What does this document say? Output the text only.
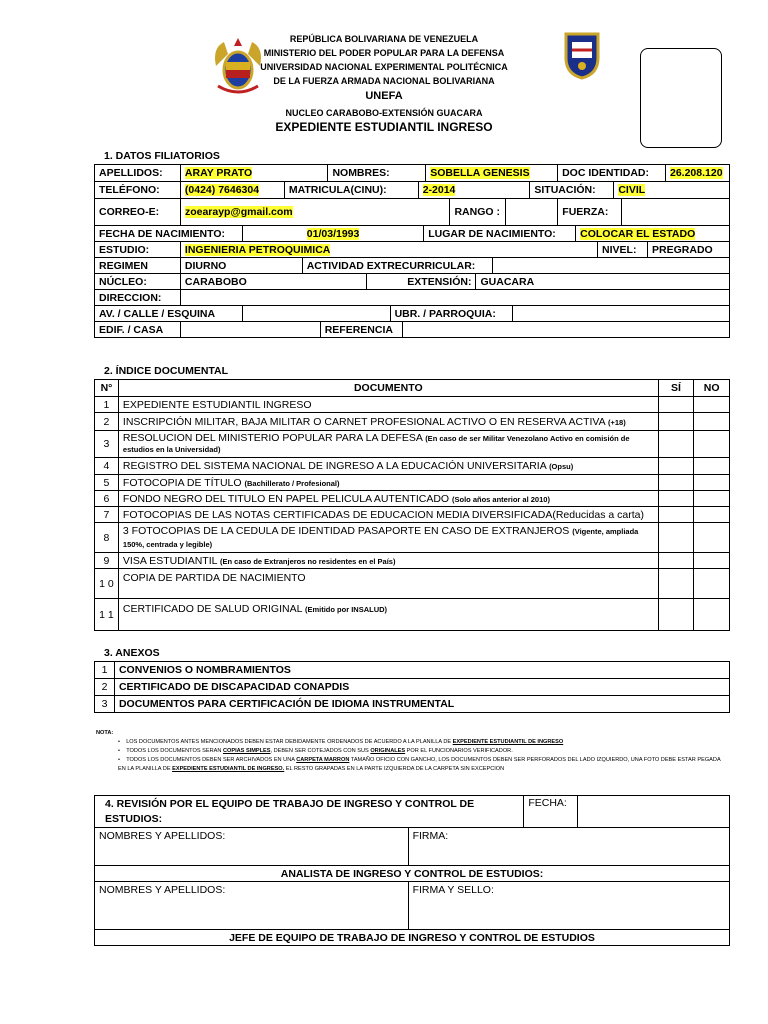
REPÚBLICA BOLIVARIANA DE VENEZUELA
MINISTERIO DEL PODER POPULAR PARA LA DEFENSA
UNIVERSIDAD NACIONAL EXPERIMENTAL POLITÉCNICA
DE LA FUERZA ARMADA NACIONAL BOLIVARIANA
UNEFA
NUCLEO CARABOBO-EXTENSIÓN GUACARA
EXPEDIENTE ESTUDIANTIL INGRESO
1. DATOS FILIATORIOS
APELLIDOS:	ARAY PRATO	NOMBRES:	SOBELLA GENESIS	DOC IDENTIDAD:	26.208.120
TELÉFONO:	(0424) 7646304	MATRICULA(CINU):	2-2014	SITUACIÓN:	CIVIL
CORREO-E:	zoearayp@gmail.com	RANGO :		FUERZA:	
FECHA DE NACIMIENTO:	01/03/1993	LUGAR DE NACIMIENTO:	COLOCAR EL ESTADO
ESTUDIO:	INGENIERIA PETROQUIMICA	NIVEL:	PREGRADO
REGIMEN	DIURNO	ACTIVIDAD EXTRECURRICULAR:	
NÚCLEO:	CARABOBO	EXTENSIÓN:	GUACARA
DIRECCION:	
AV. / CALLE / ESQUINA		UBR. / PARROQUIA:	
EDIF. / CASA		REFERENCIA	
2. ÍNDICE DOCUMENTAL
N°	DOCUMENTO	SÍ	NO
1	EXPEDIENTE ESTUDIANTIL INGRESO		
2	INSCRIPCIÓN MILITAR, BAJA MILITAR O CARNET PROFESIONAL ACTIVO O EN RESERVA ACTIVA (+18)		
3	RESOLUCION DEL MINISTERIO POPULAR PARA LA DEFESA (En caso de ser Militar Venezolano Activo en comisión de estudios en la Universidad)		
4	REGISTRO DEL SISTEMA NACIONAL DE INGRESO A LA EDUCACIÓN UNIVERSITARIA (Opsu)		
5	FOTOCOPIA DE TÍTULO (Bachillerato / Profesional)		
6	FONDO NEGRO DEL TITULO EN PAPEL PELICULA AUTENTICADO (Solo años anterior al 2010)		
7	FOTOCOPIAS DE LAS NOTAS CERTIFICADAS DE EDUCACION MEDIA DIVERSIFICADA(Reducidas a carta)		
8	3 FOTOCOPIAS DE LA CEDULA DE IDENTIDAD PASAPORTE EN CASO DE EXTRANJEROS (Vigente, ampliada 150%, centrada y legible)		
9	VISA ESTUDIANTIL (En caso de Extranjeros no residentes en el País)		
1 0	COPIA DE PARTIDA DE NACIMIENTO		
1 1	CERTIFICADO DE SALUD ORIGINAL (Emitido por INSALUD)		
3. ANEXOS
1	CONVENIOS O NOMBRAMIENTOS
2	CERTIFICADO DE DISCAPACIDAD CONAPDIS
3	DOCUMENTOS PARA CERTIFICACIÓN DE IDIOMA INSTRUMENTAL
NOTA:
•    LOS DOCUMENTOS ANTES MENCIONADOS DEBEN ESTAR DEBIDAMENTE ORDENADOS DE ACUERDO A LA PLANILLA DE EXPEDIENTE ESTUDIANTIL DE INGRESO
•    TODOS LOS DOCUMENTOS SERAN COPIAS SIMPLES, DEBEN SER COTEJADOS CON SUS ORIGINALES POR EL FUNCIONARIOS VERIFICADOR.
•    TODOS LOS DOCUMENTOS DEBEN SER ARCHIVADOS EN UNA CARPETA MARRON TAMAÑO OFICIO CON GANCHO, LOS DOCUMENTOS DEBEN SER PERFORADOS DEL LADO IZQUIERDO, UNA FOTO DEBE ESTAR PEGADA EN LA PLANILLA DE EXPEDIENTE ESTUDIANTIL DE INGRESO. EL RESTO GRAPADAS EN LA PARTE IZQUIERDA DE LA CARPETA SIN EXCEPCION
4. REVISIÓN POR EL EQUIPO DE TRABAJO DE INGRESO Y CONTROL DE ESTUDIOS:		FECHA:	
NOMBRES Y APELLIDOS:	FIRMA:		
ANALISTA DE INGRESO Y CONTROL DE ESTUDIOS:			
NOMBRES Y APELLIDOS:	FIRMA Y SELLO:		
JEFE DE EQUIPO DE TRABAJO DE INGRESO Y CONTROL DE ESTUDIOS			
